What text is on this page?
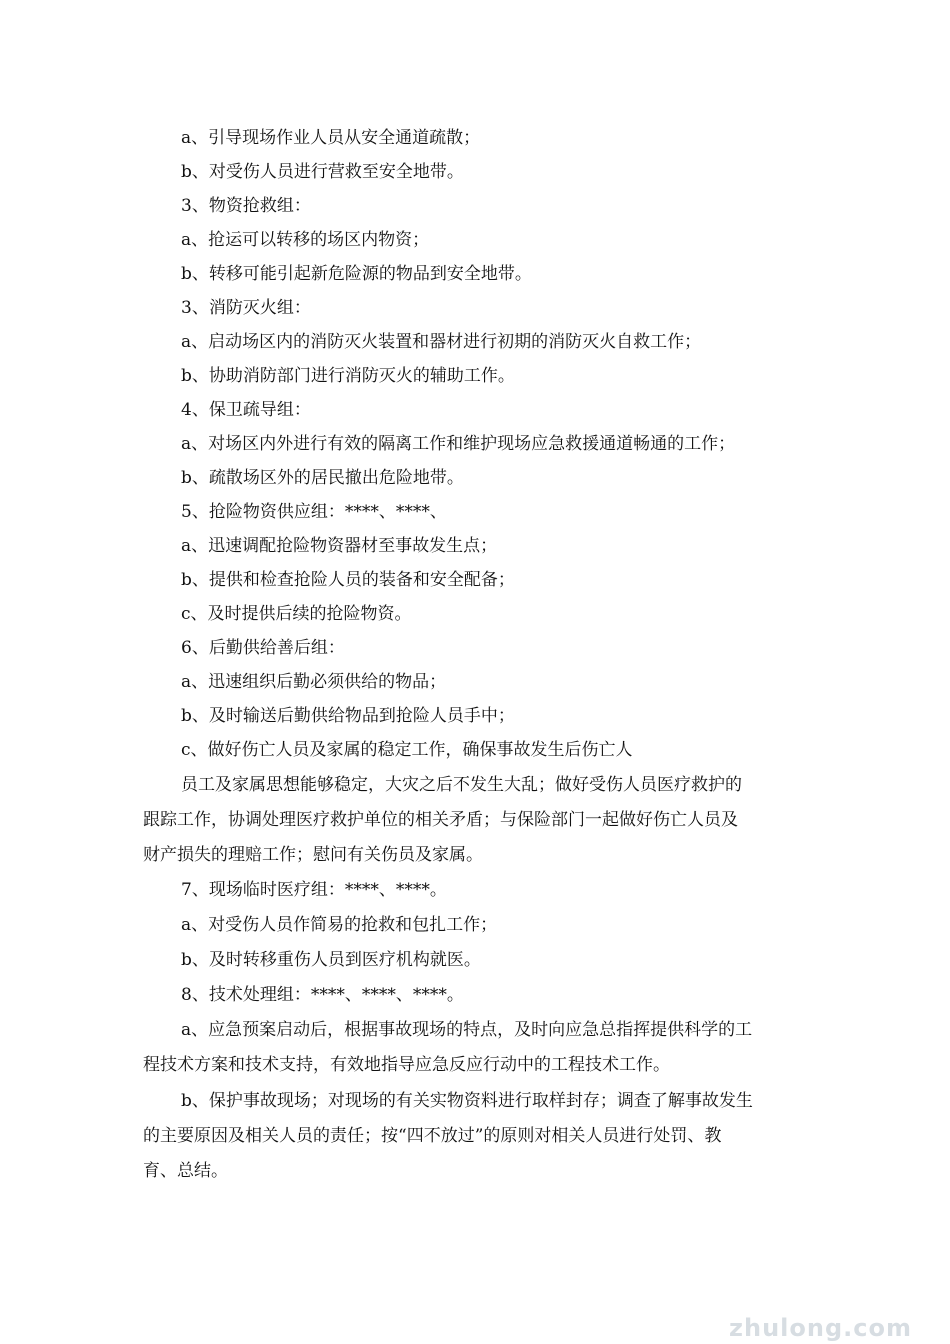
a、引导现场作业人员从安全通道疏散；
b、对受伤人员进行营救至安全地带。
3、物资抢救组：
a、抢运可以转移的场区内物资；
b、转移可能引起新危险源的物品到安全地带。
3、消防灭火组：
a、启动场区内的消防灭火装置和器材进行初期的消防灭火自救工作；
b、协助消防部门进行消防灭火的辅助工作。
4、保卫疏导组：
a、对场区内外进行有效的隔离工作和维护现场应急救援通道畅通的工作；
b、疏散场区外的居民撤出危险地带。
5、抢险物资供应组：****、****、
a、迅速调配抢险物资器材至事故发生点；
b、提供和检查抢险人员的装备和安全配备；
c、及时提供后续的抢险物资。
6、后勤供给善后组：
a、迅速组织后勤必须供给的物品；
b、及时输送后勤供给物品到抢险人员手中；
c、做好伤亡人员及家属的稳定工作，确保事故发生后伤亡人
员工及家属思想能够稳定，大灾之后不发生大乱；做好受伤人员医疗救护的
跟踪工作，协调处理医疗救护单位的相关矛盾；与保险部门一起做好伤亡人员及
财产损失的理赔工作；慰问有关伤员及家属。
7、现场临时医疗组：****、****。
a、对受伤人员作简易的抢救和包扎工作；
b、及时转移重伤人员到医疗机构就医。
8、技术处理组：****、****、****。
a、应急预案启动后，根据事故现场的特点，及时向应急总指挥提供科学的工
程技术方案和技术支持，有效地指导应急反应行动中的工程技术工作。
b、保护事故现场；对现场的有关实物资料进行取样封存；调查了解事故发生
的主要原因及相关人员的责任；按“四不放过”的原则对相关人员进行处罚、教
育、总结。
zhulong.com
